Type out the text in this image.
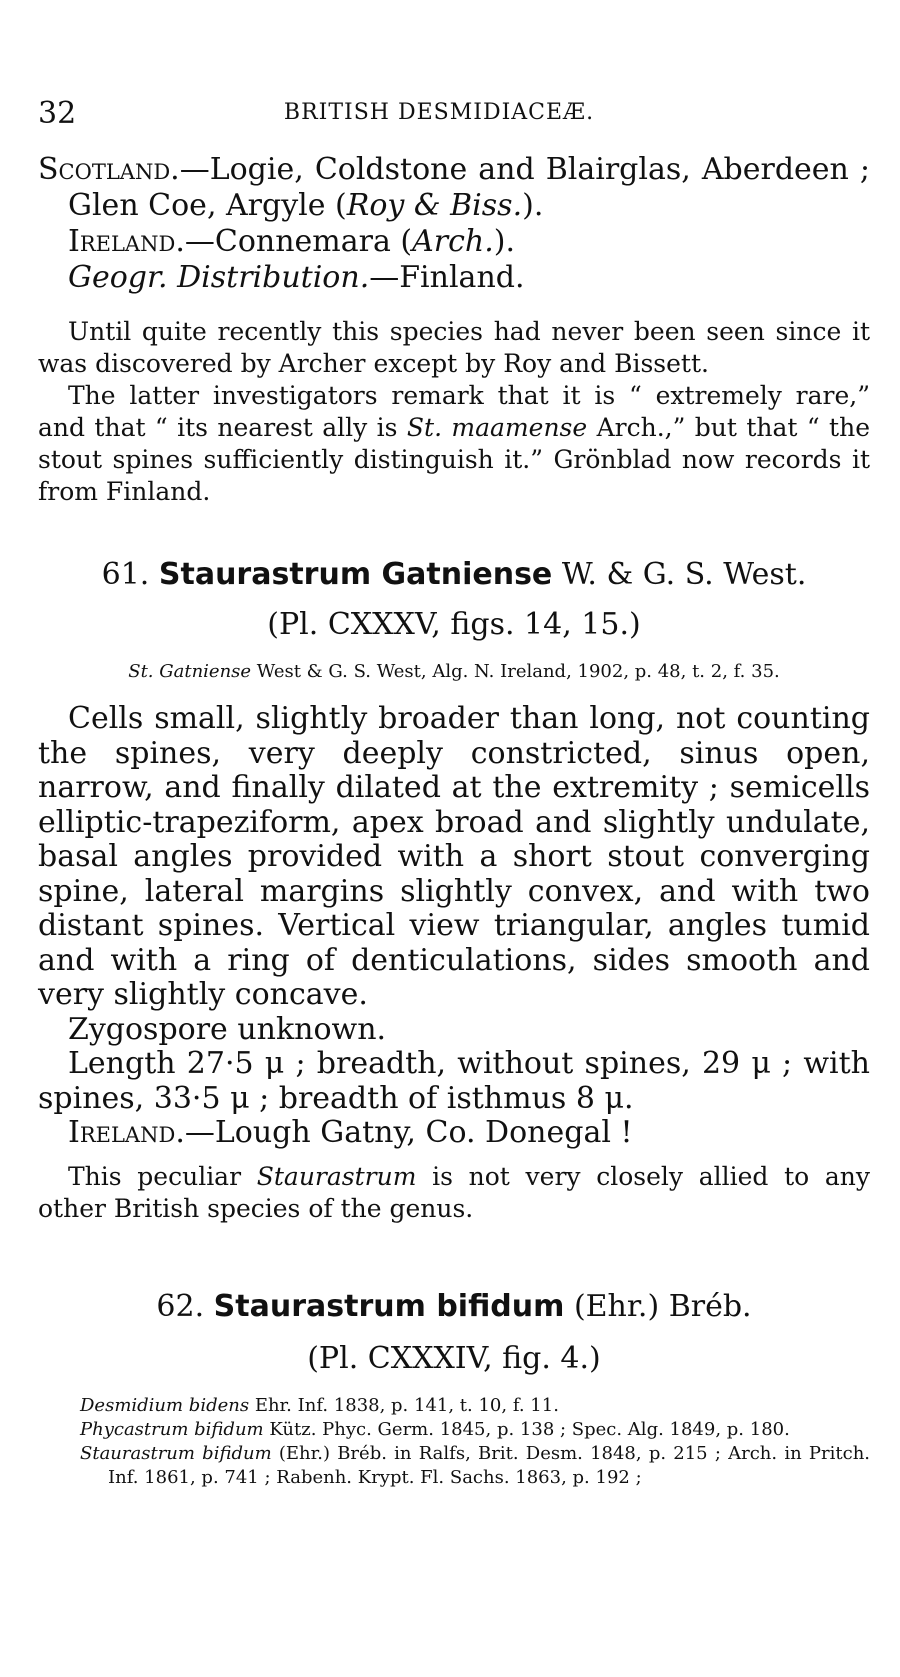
32	BRITISH DESMIDIACEÆ.

Scotland.—Logie, Coldstone and Blairglas, Aberdeen ; Glen Coe, Argyle (Roy & Biss.).

Ireland.—Connemara (Arch.).

Geogr. Distribution.—Finland.

Until quite recently this species had never been seen since it was discovered by Archer except by Roy and Bissett.

The latter investigators remark that it is “ extremely rare,” and that “ its nearest ally is St. maamense Arch.,” but that “ the stout spines sufficiently distinguish it.” Grönblad now records it from Finland.

61. Staurastrum Gatniense W. & G. S. West.
(Pl. CXXXV, figs. 14, 15.)
St. Gatniense West & G. S. West, Alg. N. Ireland, 1902, p. 48, t. 2, f. 35.

Cells small, slightly broader than long, not counting the spines, very deeply constricted, sinus open, narrow, and finally dilated at the extremity ; semicells elliptic-trapeziform, apex broad and slightly undulate, basal angles provided with a short stout converging spine, lateral margins slightly convex, and with two distant spines. Vertical view triangular, angles tumid and with a ring of denticulations, sides smooth and very slightly concave.

Zygospore unknown.

Length 27·5 μ ; breadth, without spines, 29 μ ; with spines, 33·5 μ ; breadth of isthmus 8 μ.

Ireland.—Lough Gatny, Co. Donegal !

This peculiar Staurastrum is not very closely allied to any other British species of the genus.

62. Staurastrum bifidum (Ehr.) Bréb.
(Pl. CXXXIV, fig. 4.)

Desmidium bidens Ehr. Inf. 1838, p. 141, t. 10, f. 11.

Phycastrum bifidum Kütz. Phyc. Germ. 1845, p. 138 ; Spec. Alg. 1849, p. 180.

Staurastrum bifidum (Ehr.) Bréb. in Ralfs, Brit. Desm. 1848, p. 215 ; Arch. in Pritch. Inf. 1861, p. 741 ; Rabenh. Krypt. Fl. Sachs. 1863, p. 192 ;
